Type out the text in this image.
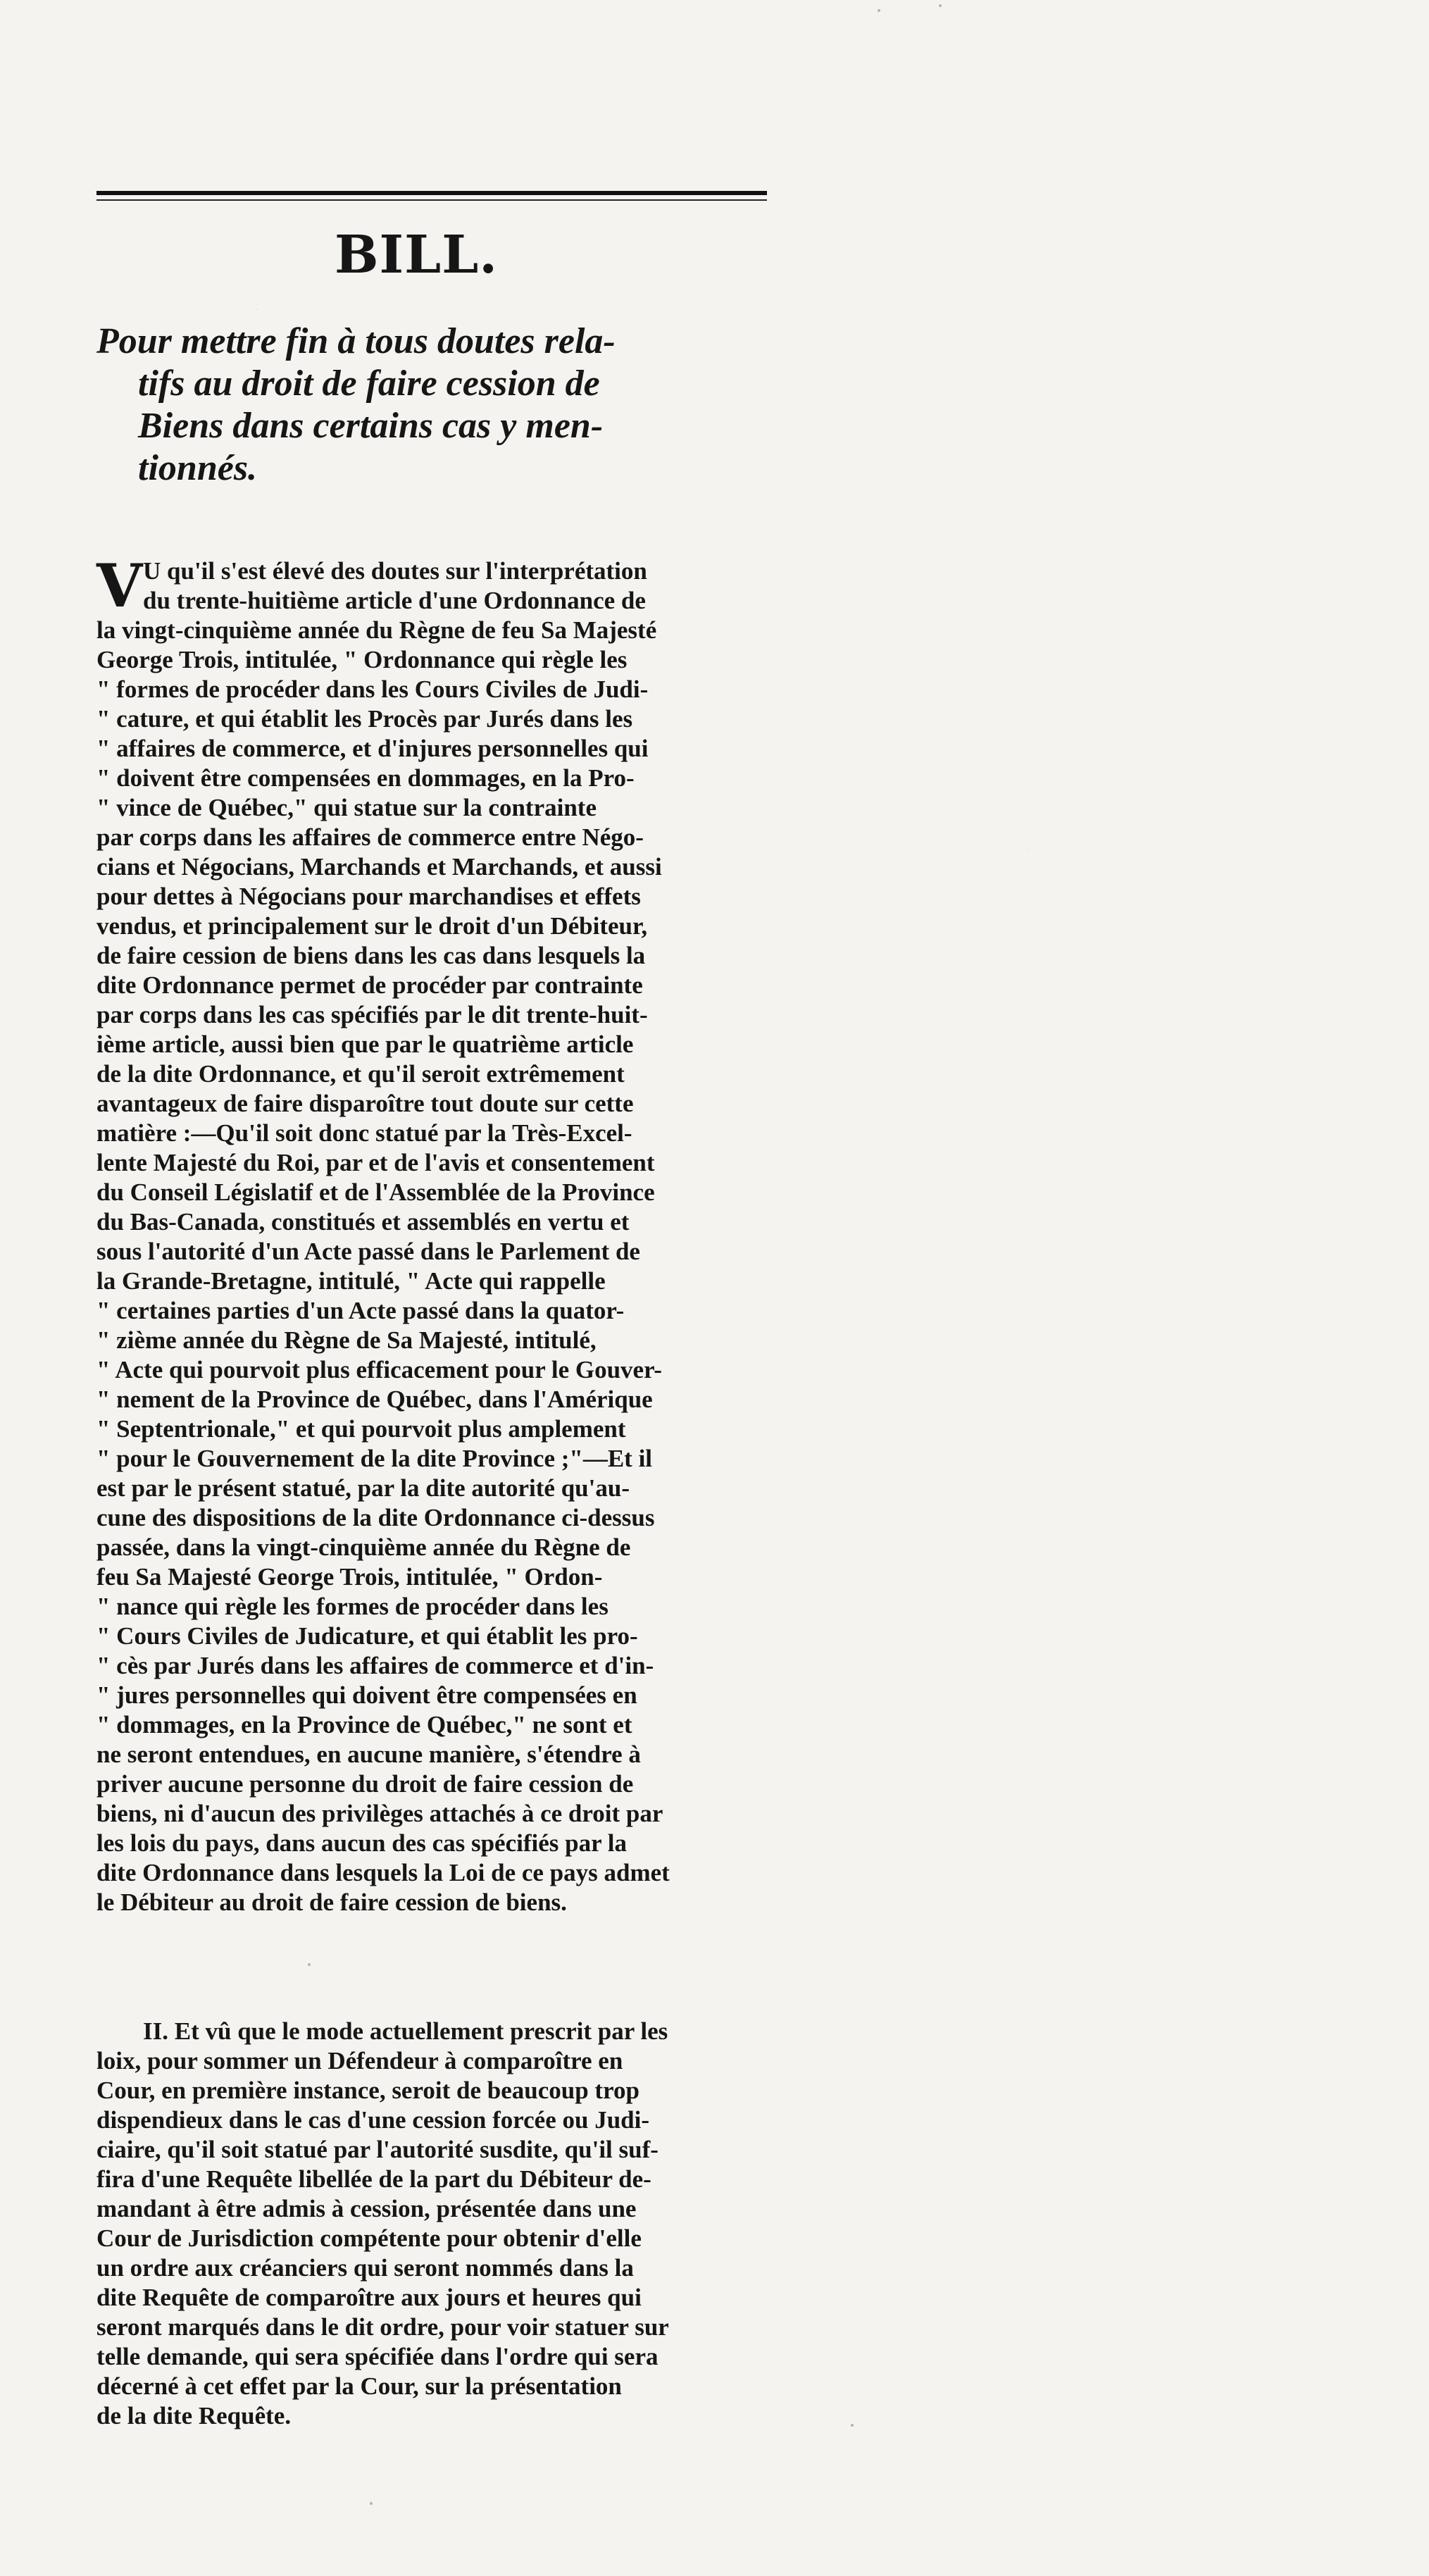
BILL.
Pour mettre fin à tous doutes rela-
tifs au droit de faire cession de
Biens dans certains cas y men-
tionnés.
V U qu'il s'est élevé des doutes sur l'interprétation
du trente-huitième article d'une Ordonnance de
la vingt-cinquième année du Règne de feu Sa Majesté
George Trois, intitulée, " Ordonnance qui règle les
" formes de procéder dans les Cours Civiles de Judi-
" cature, et qui établit les Procès par Jurés dans les
" affaires de commerce, et d'injures personnelles qui
" doivent être compensées en dommages, en la Pro-
" vince de Québec," qui statue sur la contrainte
par corps dans les affaires de commerce entre Négo-
cians et Négocians, Marchands et Marchands, et aussi
pour dettes à Négocians pour marchandises et effets
vendus, et principalement sur le droit d'un Débiteur,
de faire cession de biens dans les cas dans lesquels la
dite Ordonnance permet de procéder par contrainte
par corps dans les cas spécifiés par le dit trente-huit-
ième article, aussi bien que par le quatrième article
de la dite Ordonnance, et qu'il seroit extrêmement
avantageux de faire disparoître tout doute sur cette
matière :—Qu'il soit donc statué par la Très-Excel-
lente Majesté du Roi, par et de l'avis et consentement
du Conseil Législatif et de l'Assemblée de la Province
du Bas-Canada, constitués et assemblés en vertu et
sous l'autorité d'un Acte passé dans le Parlement de
la Grande-Bretagne, intitulé, " Acte qui rappelle
" certaines parties d'un Acte passé dans la quator-
" zième année du Règne de Sa Majesté, intitulé,
" Acte qui pourvoit plus efficacement pour le Gouver-
" nement de la Province de Québec, dans l'Amérique
" Septentrionale," et qui pourvoit plus amplement
" pour le Gouvernement de la dite Province ;"—Et il
est par le présent statué, par la dite autorité qu'au-
cune des dispositions de la dite Ordonnance ci-dessus
passée, dans la vingt-cinquième année du Règne de
feu Sa Majesté George Trois, intitulée, " Ordon-
" nance qui règle les formes de procéder dans les
" Cours Civiles de Judicature, et qui établit les pro-
" cès par Jurés dans les affaires de commerce et d'in-
" jures personnelles qui doivent être compensées en
" dommages, en la Province de Québec," ne sont et
ne seront entendues, en aucune manière, s'étendre à
priver aucune personne du droit de faire cession de
biens, ni d'aucun des privilèges attachés à ce droit par
les lois du pays, dans aucun des cas spécifiés par la
dite Ordonnance dans lesquels la Loi de ce pays admet
le Débiteur au droit de faire cession de biens.
II. Et vû que le mode actuellement prescrit par les
loix, pour sommer un Défendeur à comparoître en
Cour, en première instance, seroit de beaucoup trop
dispendieux dans le cas d'une cession forcée ou Judi-
ciaire, qu'il soit statué par l'autorité susdite, qu'il suf-
fira d'une Requête libellée de la part du Débiteur de-
mandant à être admis à cession, présentée dans une
Cour de Jurisdiction compétente pour obtenir d'elle
un ordre aux créanciers qui seront nommés dans la
dite Requête de comparoître aux jours et heures qui
seront marqués dans le dit ordre, pour voir statuer sur
telle demande, qui sera spécifiée dans l'ordre qui sera
décerné à cet effet par la Cour, sur la présentation
de la dite Requête.
